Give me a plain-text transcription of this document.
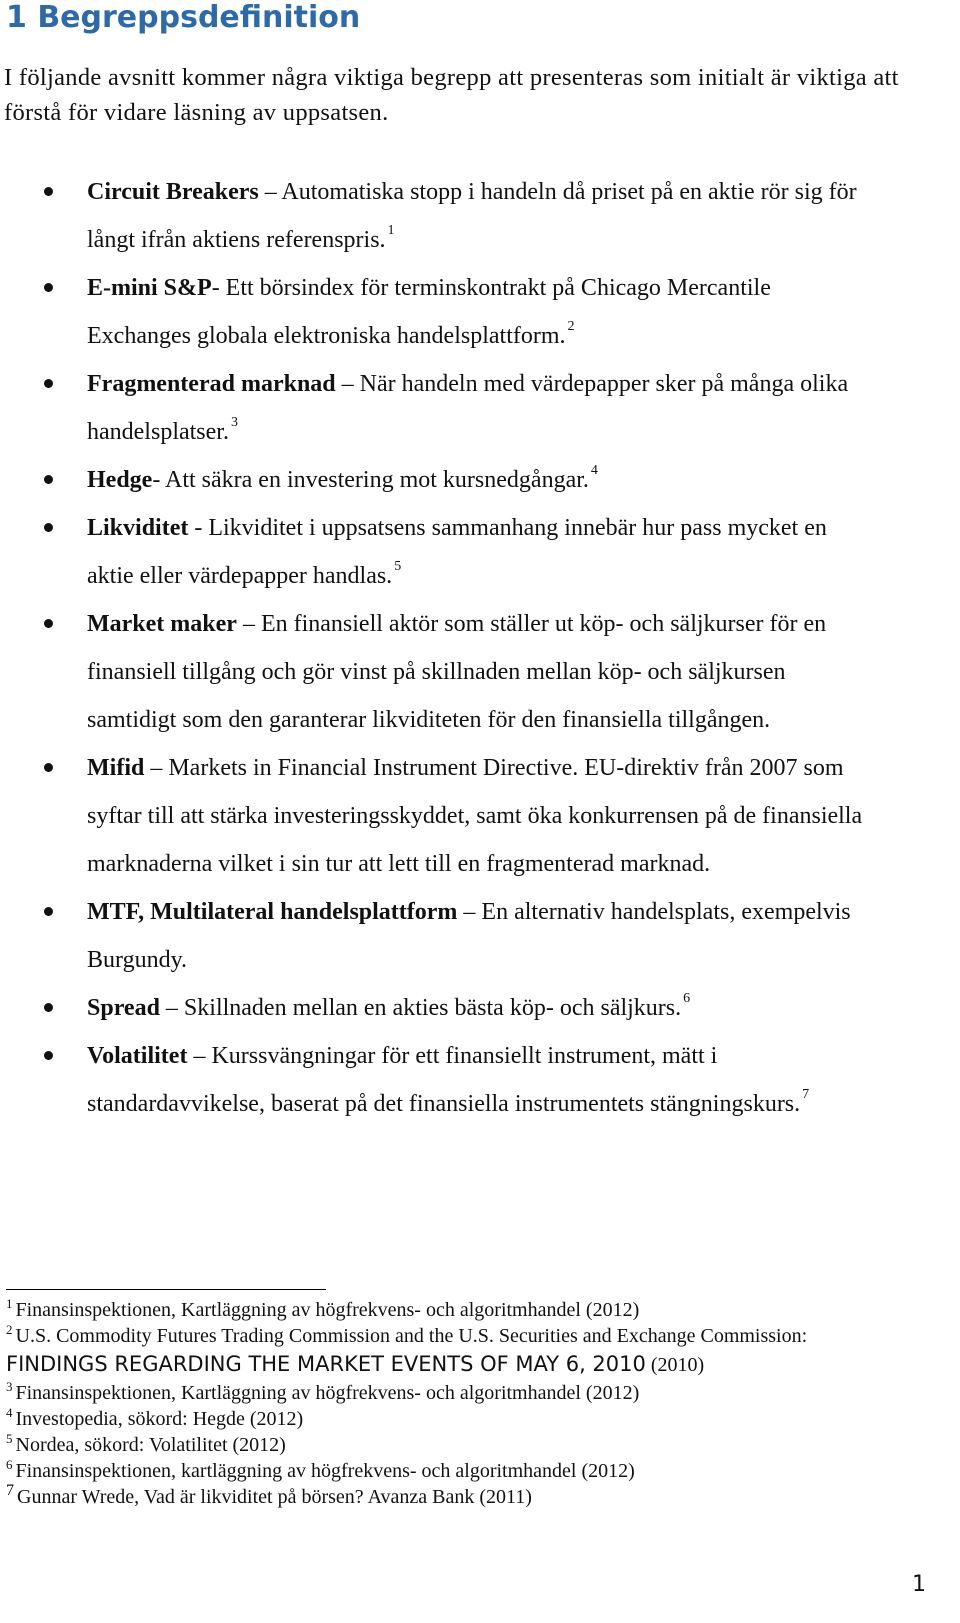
1 Begreppsdefinition
I följande avsnitt kommer några viktiga begrepp att presenteras som initialt är viktiga att förstå för vidare läsning av uppsatsen.
Circuit Breakers – Automatiska stopp i handeln då priset på en aktie rör sig för långt ifrån aktiens referenspris. $^1$
E-mini S&P- Ett börsindex för terminskontrakt på Chicago Mercantile Exchanges globala elektroniska handelsplattform. $^2$
Fragmenterad marknad – När handeln med värdepapper sker på många olika handelsplatser. $^3$
Hedge- Att säkra en investering mot kursnedgångar. $^4$
Likviditet - Likviditet i uppsatsens sammanhang innebär hur pass mycket en aktie eller värdepapper handlas. $^5$
Market maker – En finansiell aktör som ställer ut köp- och säljkurser för en finansiell tillgång och gör vinst på skillnaden mellan köp- och säljkursen samtidigt som den garanterar likviditeten för den finansiella tillgången.
Mifid – Markets in Financial Instrument Directive. EU-direktiv från 2007 som syftar till att stärka investeringsskyddet, samt öka konkurrensen på de finansiella marknaderna vilket i sin tur att lett till en fragmenterad marknad.
MTF, Multilateral handelsplattform – En alternativ handelsplats, exempelvis Burgundy.
Spread – Skillnaden mellan en akties bästa köp- och säljkurs. $^6$
Volatilitet – Kurssvängningar för ett finansiellt instrument, mätt i standardavvikelse, baserat på det finansiella instrumentets stängningskurs. $^7$
$^1$ Finansinspektionen, Kartläggning av högfrekvens- och algoritmhandel (2012)
$^2$ U.S. Commodity Futures Trading Commission and the U.S. Securities and Exchange Commission:
FINDINGS REGARDING THE MARKET EVENTS OF MAY 6, 2010 (2010)
$^3$ Finansinspektionen, Kartläggning av högfrekvens- och algoritmhandel (2012)
$^4$ Investopedia, sökord: Hegde (2012)
$^5$ Nordea, sökord: Volatilitet (2012)
$^6$ Finansinspektionen, kartläggning av högfrekvens- och algoritmhandel (2012)
$^7$ Gunnar Wrede, Vad är likviditet på börsen? Avanza Bank (2011)
1
